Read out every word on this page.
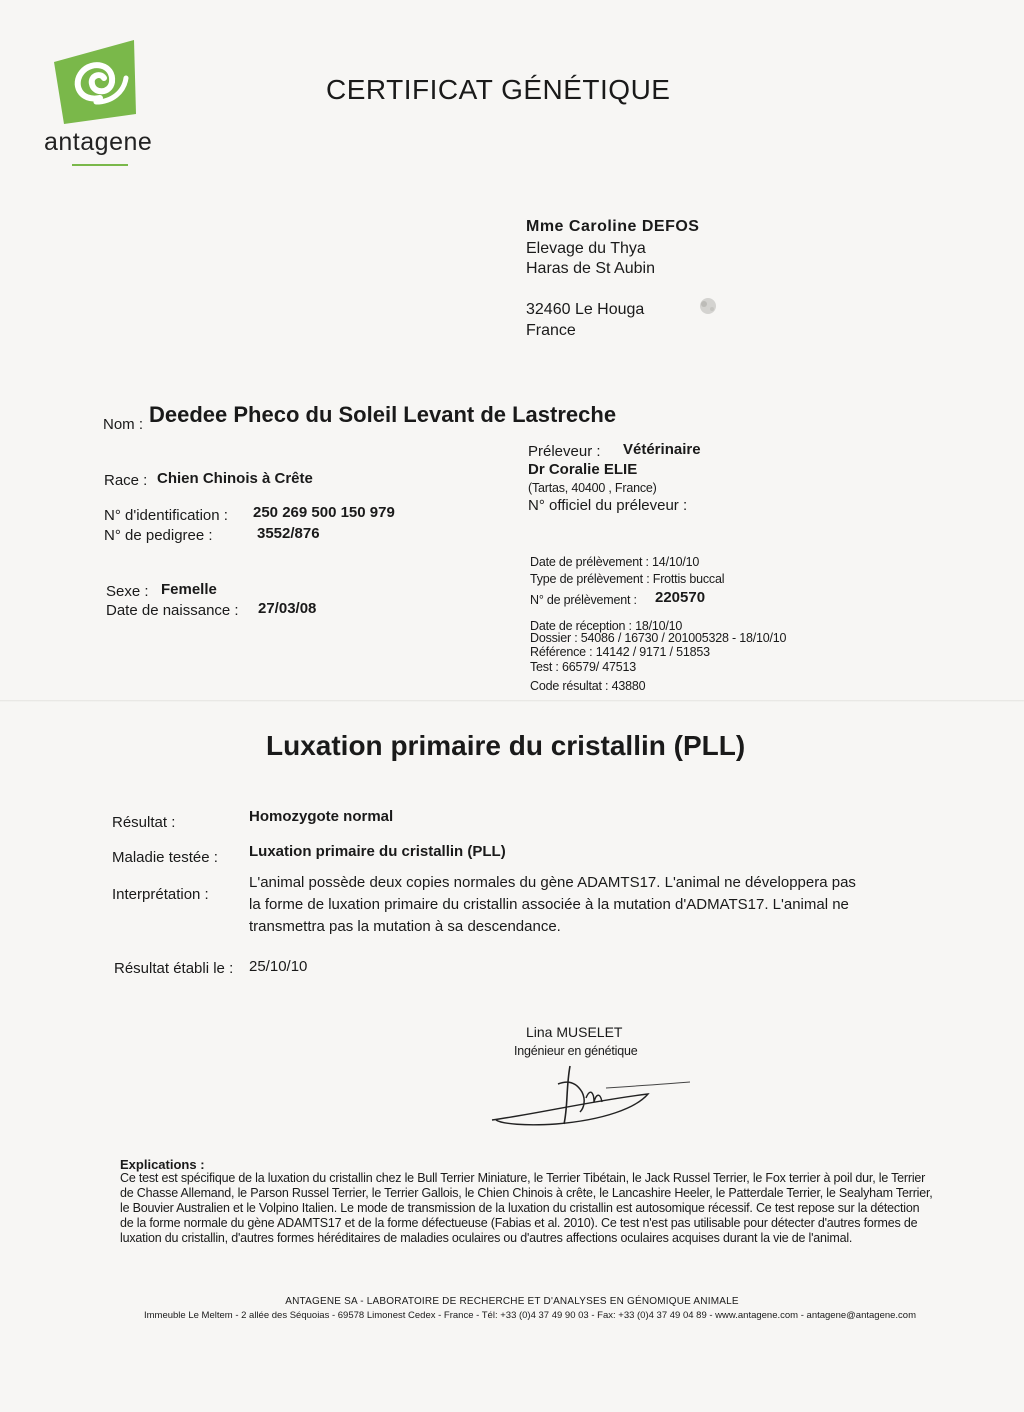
antagene
CERTIFICAT GÉNÉTIQUE
Mme Caroline DEFOS
Elevage du Thya
Haras de St Aubin
32460 Le Houga
France
Nom : Deedee Pheco du Soleil Levant de Lastreche
Race : Chien Chinois à Crête
N° d'identification : 250 269 500 150 979
N° de pedigree :	3552/876
Sexe : Femelle
Date de naissance : 27/03/08
Préleveur : Vétérinaire
Dr Coralie ELIE
(Tartas, 40400 , France)
N° officiel du préleveur :
Date de prélèvement : 14/10/10
Type de prélèvement : Frottis buccal
N° de prélèvement : 220570
Date de réception : 18/10/10
Dossier : 54086 / 16730 / 201005328 - 18/10/10
Référence : 14142 / 9171 / 51853
Test : 66579/ 47513
Code résultat : 43880
Luxation primaire du cristallin (PLL)
Résultat :	Homozygote normal
Maladie testée : Luxation primaire du cristallin (PLL)
Interprétation :
L'animal possède deux copies normales du gène ADAMTS17. L'animal ne développera pas la forme de luxation primaire du cristallin associée à la mutation d'ADMATS17. L'animal ne transmettra pas la mutation à sa descendance.
Résultat établi le : 25/10/10
Lina MUSELET
Ingénieur en génétique
Explications :
Ce test est spécifique de la luxation du cristallin chez le Bull Terrier Miniature, le Terrier Tibétain, le Jack Russel Terrier, le Fox terrier à poil dur, le Terrier de Chasse Allemand, le Parson Russel Terrier, le Terrier Gallois, le Chien Chinois à crête, le Lancashire Heeler, le Patterdale Terrier, le Sealyham Terrier, le Bouvier Australien et le Volpino Italien. Le mode de transmission de la luxation du cristallin est autosomique récessif. Ce test repose sur la détection de la forme normale du gène ADAMTS17 et de la forme défectueuse (Fabias et al. 2010). Ce test n'est pas utilisable pour détecter d'autres formes de luxation du cristallin, d'autres formes héréditaires de maladies oculaires ou d'autres affections oculaires acquises durant la vie de l'animal.
ANTAGENE SA - LABORATOIRE DE RECHERCHE ET D'ANALYSES EN GÉNOMIQUE ANIMALE
Immeuble Le Meltem - 2 allée des Séquoias - 69578 Limonest Cedex - France - Tél: +33 (0)4 37 49 90 03 - Fax: +33 (0)4 37 49 04 89 - www.antagene.com - antagene@antagene.com
